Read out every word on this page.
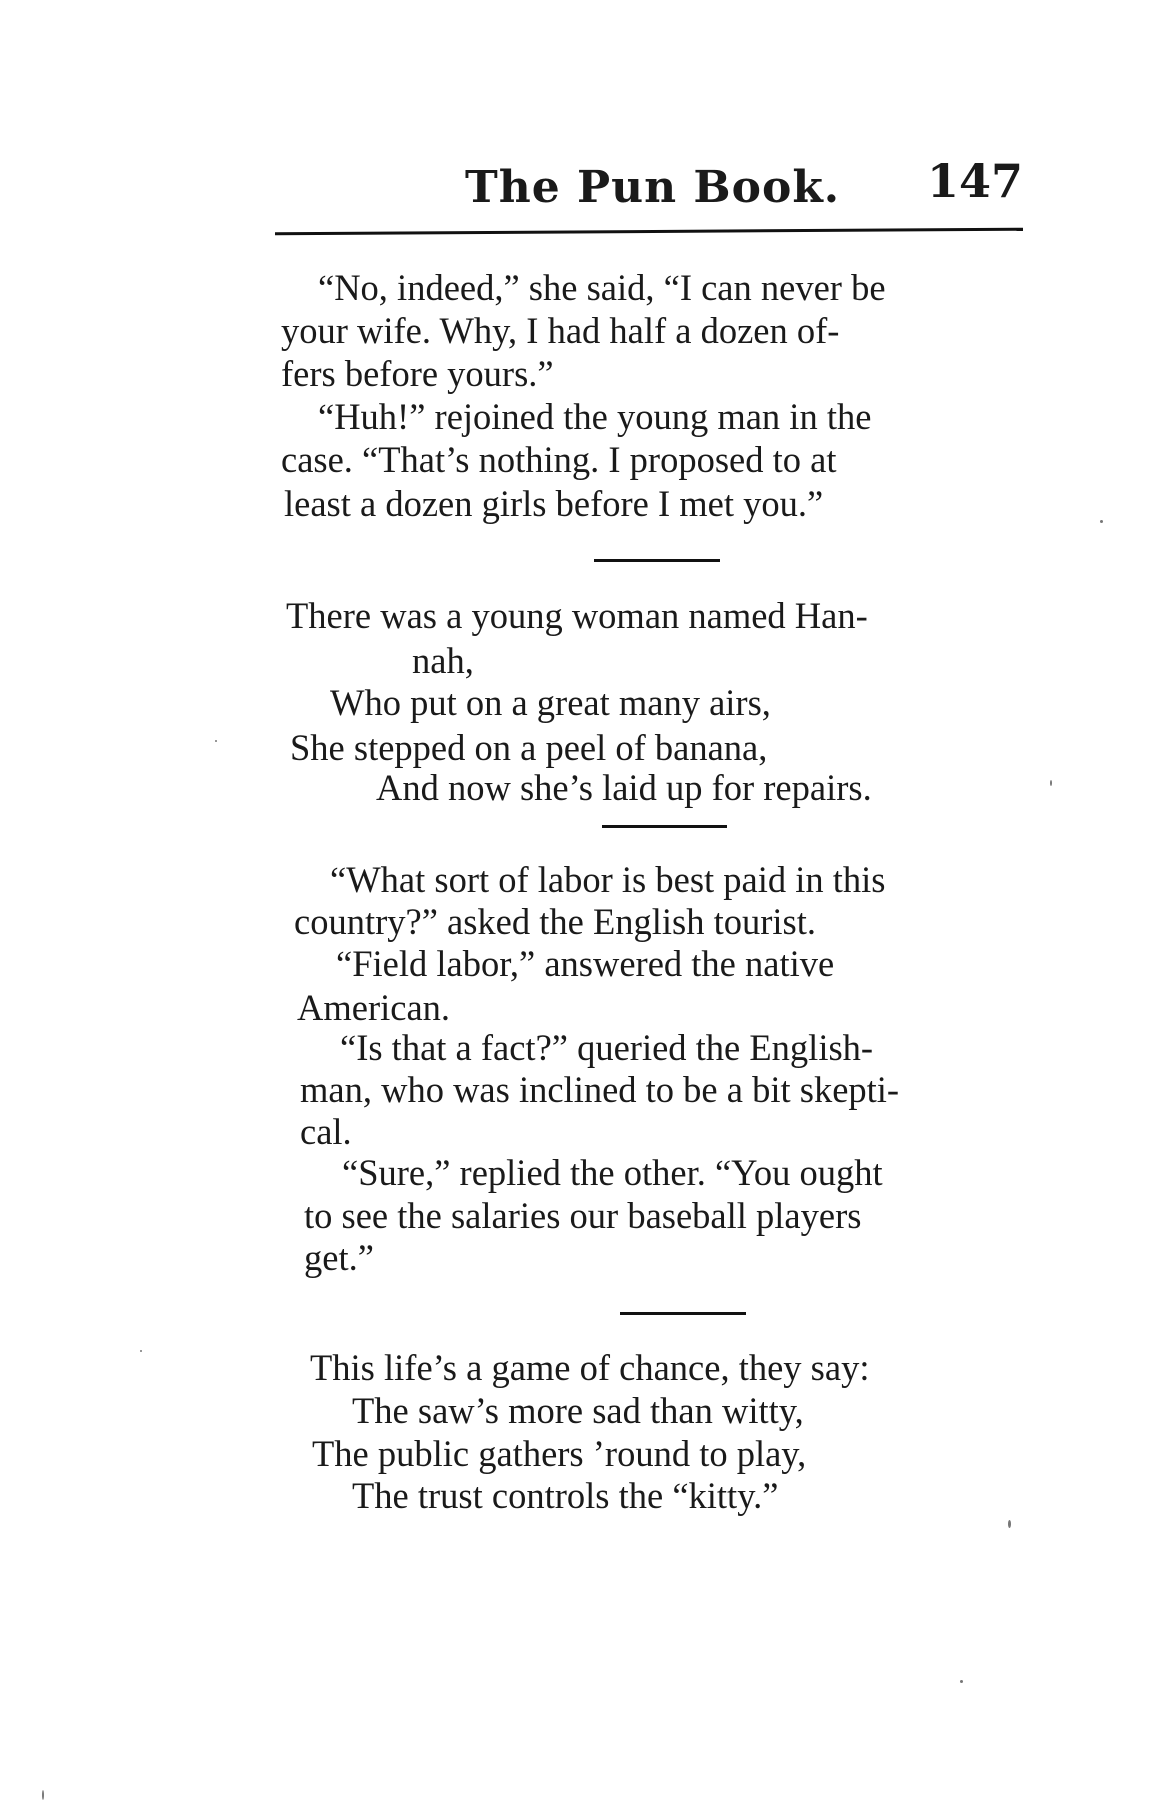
The Pun Book. 147
“No, indeed,” she said, “I can never be
your wife. Why, I had half a dozen of-
fers before yours.”
“Huh!” rejoined the young man in the
case. “That’s nothing. I proposed to at
least a dozen girls before I met you.”
There was a young woman named Han-
nah,
Who put on a great many airs,
She stepped on a peel of banana,
And now she’s laid up for repairs.
“What sort of labor is best paid in this
country?” asked the English tourist.
“Field labor,” answered the native
American.
“Is that a fact?” queried the English-
man, who was inclined to be a bit skepti-
cal.
“Sure,” replied the other. “You ought
to see the salaries our baseball players
get.”
This life’s a game of chance, they say:
The saw’s more sad than witty,
The public gathers ’round to play,
The trust controls the “kitty.”
